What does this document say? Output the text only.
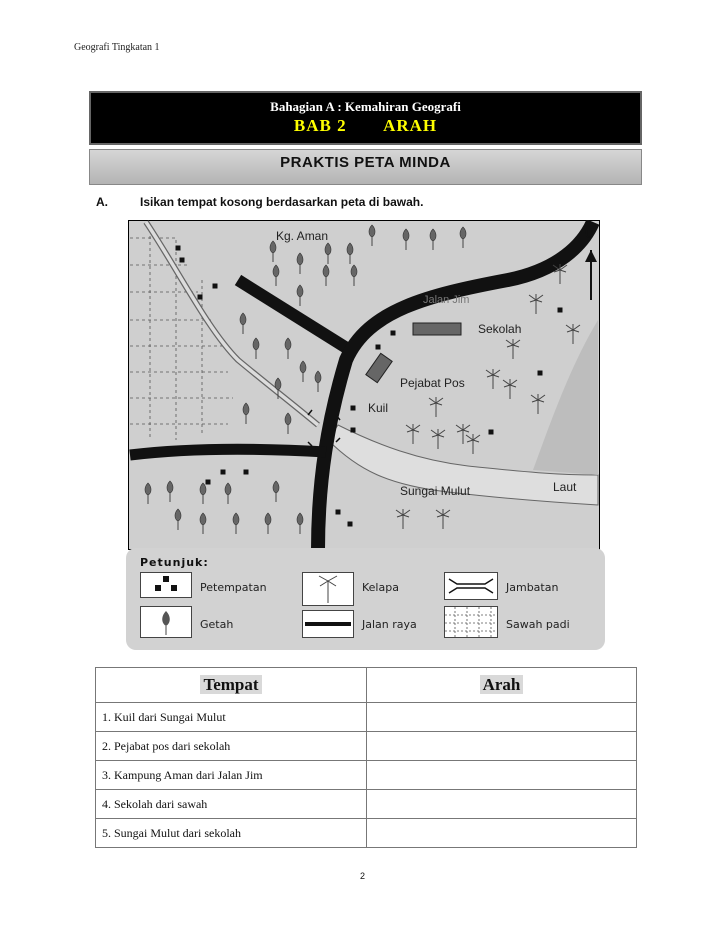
Geografi Tingkatan 1
Bahagian A : Kemahiran Geografi
BAB 2 ARAH
PRAKTIS PETA MINDA
A.	Isikan tempat kosong berdasarkan peta di bawah.
Kg. Aman
Jalan Jim
Sekolah
Pejabat Pos
Kuil
Sungai Mulut	Laut
U
Petunjuk:
Petempatan
Getah
Kelapa
Jalan raya
Jambatan
Sawah padi
Tempat	Arah
1. Kuil dari Sungai Mulut	
2. Pejabat pos dari sekolah	
3. Kampung Aman dari Jalan Jim	
4. Sekolah dari sawah	
5. Sungai Mulut dari sekolah	
2
